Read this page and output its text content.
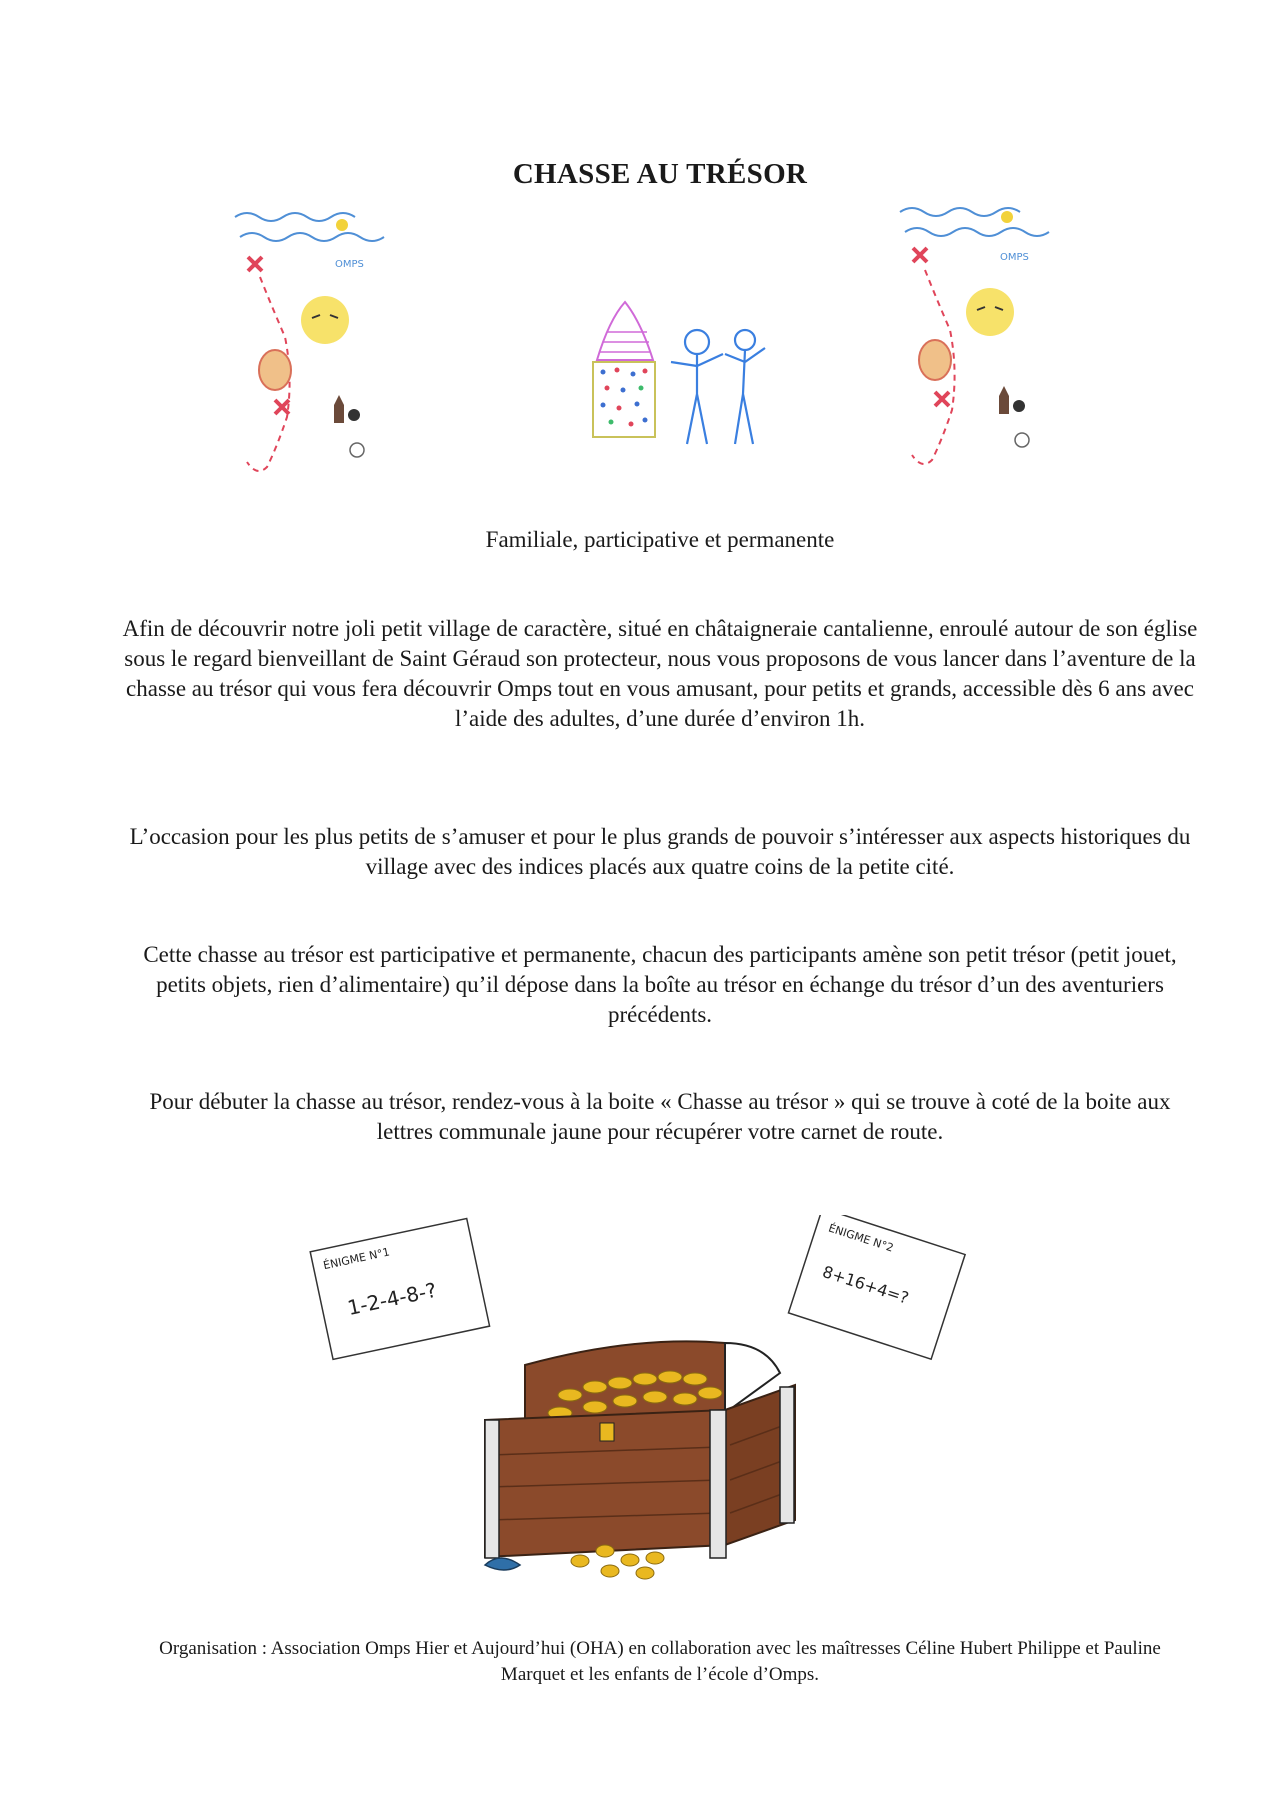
CHASSE AU TRÉSOR
OMPS
OMPS
Familiale, participative et permanente
Afin de découvrir notre joli petit village de caractère, situé en châtaigneraie cantalienne, enroulé autour de son église sous le regard bienveillant de Saint Géraud son protecteur, nous vous proposons de vous lancer dans l’aventure de la chasse au trésor qui vous fera découvrir Omps tout en vous amusant, pour petits et grands, accessible dès 6 ans avec l’aide des adultes, d’une durée d’environ 1h.
L’occasion pour les plus petits de s’amuser et pour le plus grands de pouvoir s’intéresser aux aspects historiques du village avec des indices placés aux quatre coins de la petite cité.
Cette chasse au trésor est participative et permanente, chacun des participants amène son petit trésor (petit jouet, petits objets, rien d’alimentaire) qu’il dépose dans la boîte au trésor en échange du trésor d’un des aventuriers précédents.
Pour débuter la chasse au trésor, rendez-vous à la boite « Chasse au trésor » qui se trouve à coté de la boite aux lettres communale jaune pour récupérer votre carnet de route.
ÉNIGME N°1
1-2-4-8-?
ÉNIGME N°2
8+16+4=?
Organisation : Association Omps Hier et Aujourd’hui (OHA) en collaboration avec les maîtresses Céline Hubert Philippe et Pauline Marquet et les enfants de l’école d’Omps.
